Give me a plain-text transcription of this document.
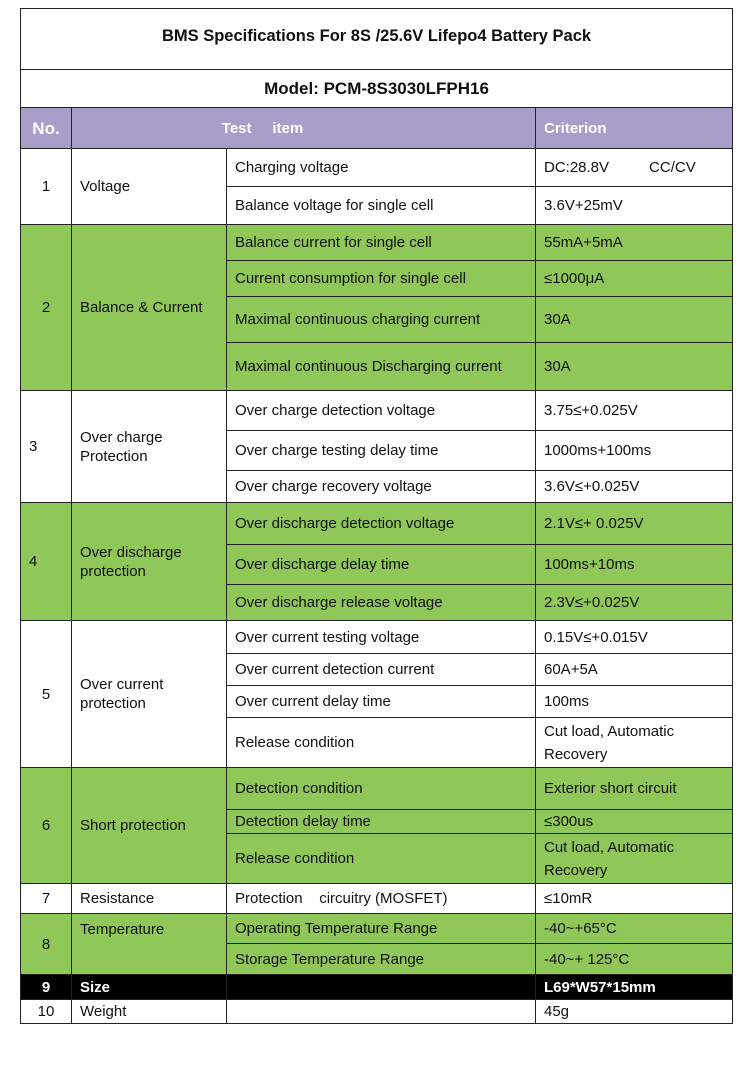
BMS Specifications For 8S /25.6V Lifepo4 Battery Pack			
Model: PCM-8S3030LFPH16			
No.	Test     item		Criterion
1	Voltage	Charging voltage	DC:28.8V CC/CV
		Balance voltage for single cell	3.6V+25mV
2	Balance & Current	Balance current for single cell	55mA+5mA
		Current consumption for single cell	≤1000μA
		Maximal continuous charging current	30A
		Maximal continuous Discharging current	30A
3	Over charge Protection	Over charge detection voltage	3.75≤+0.025V
		Over charge testing delay time	1000ms+100ms
		Over charge recovery voltage	3.6V≤+0.025V
4	Over discharge protection	Over discharge detection voltage	2.1V≤+ 0.025V
		Over discharge delay time	100ms+10ms
		Over discharge release voltage	2.3V≤+0.025V
5	Over current protection	Over current testing voltage	0.15V≤+0.015V
		Over current detection current	60A+5A
		Over current delay time	100ms
		Release condition	Cut load, Automatic Recovery
6	Short protection	Detection condition	Exterior short circuit
		Detection delay time	≤300us
		Release condition	Cut load, Automatic Recovery
7	Resistance	Protection    circuitry (MOSFET)	≤10mR
8	Temperature	Operating Temperature Range	-40~+65°C
		Storage Temperature Range	-40~+ 125°C
9	Size		L69*W57*15mm
10	Weight		45g
